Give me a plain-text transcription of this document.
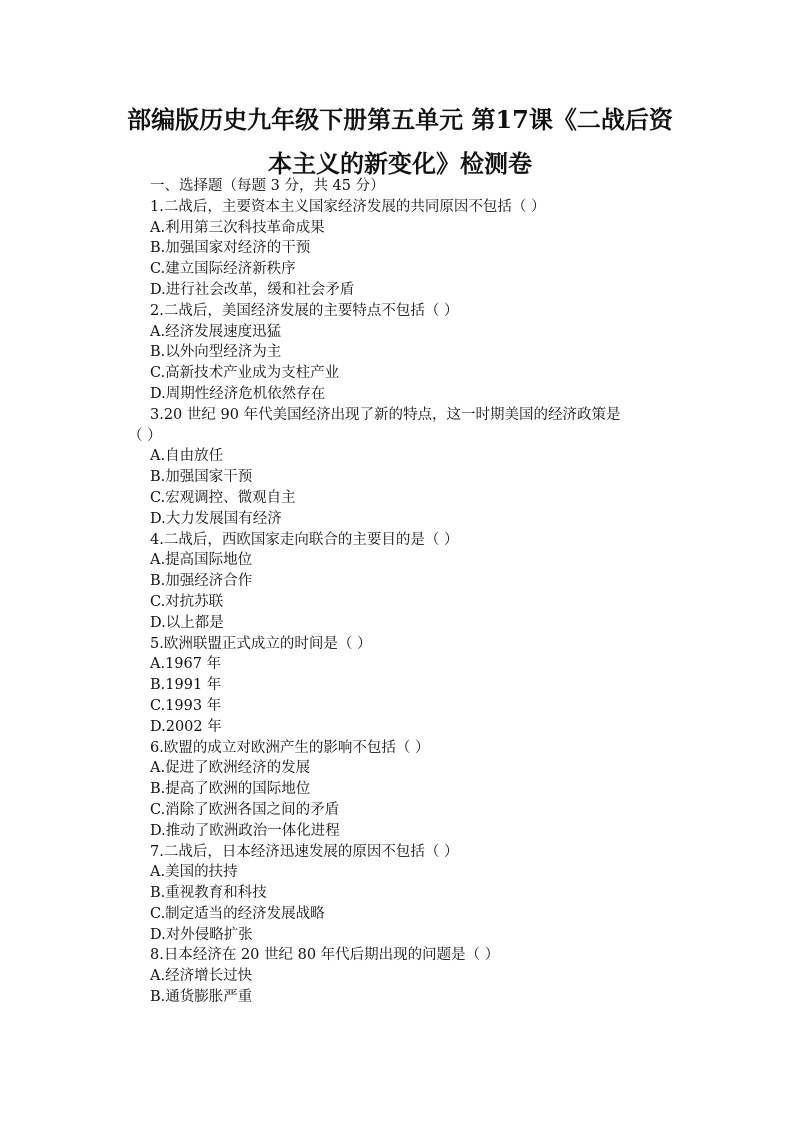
部编版历史九年级下册第五单元 第17课《二战后资
本主义的新变化》检测卷
一、选择题（每题 3 分，共 45 分）
1.二战后，主要资本主义国家经济发展的共同原因不包括（ ）
A.利用第三次科技革命成果
B.加强国家对经济的干预
C.建立国际经济新秩序
D.进行社会改革，缓和社会矛盾
2.二战后，美国经济发展的主要特点不包括（ ）
A.经济发展速度迅猛
B.以外向型经济为主
C.高新技术产业成为支柱产业
D.周期性经济危机依然存在
3.20 世纪 90 年代美国经济出现了新的特点，这一时期美国的经济政策是
（ ）
A.自由放任
B.加强国家干预
C.宏观调控、微观自主
D.大力发展国有经济
4.二战后，西欧国家走向联合的主要目的是（ ）
A.提高国际地位
B.加强经济合作
C.对抗苏联
D.以上都是
5.欧洲联盟正式成立的时间是（ ）
A.1967 年
B.1991 年
C.1993 年
D.2002 年
6.欧盟的成立对欧洲产生的影响不包括（ ）
A.促进了欧洲经济的发展
B.提高了欧洲的国际地位
C.消除了欧洲各国之间的矛盾
D.推动了欧洲政治一体化进程
7.二战后，日本经济迅速发展的原因不包括（ ）
A.美国的扶持
B.重视教育和科技
C.制定适当的经济发展战略
D.对外侵略扩张
8.日本经济在 20 世纪 80 年代后期出现的问题是（ ）
A.经济增长过快
B.通货膨胀严重
